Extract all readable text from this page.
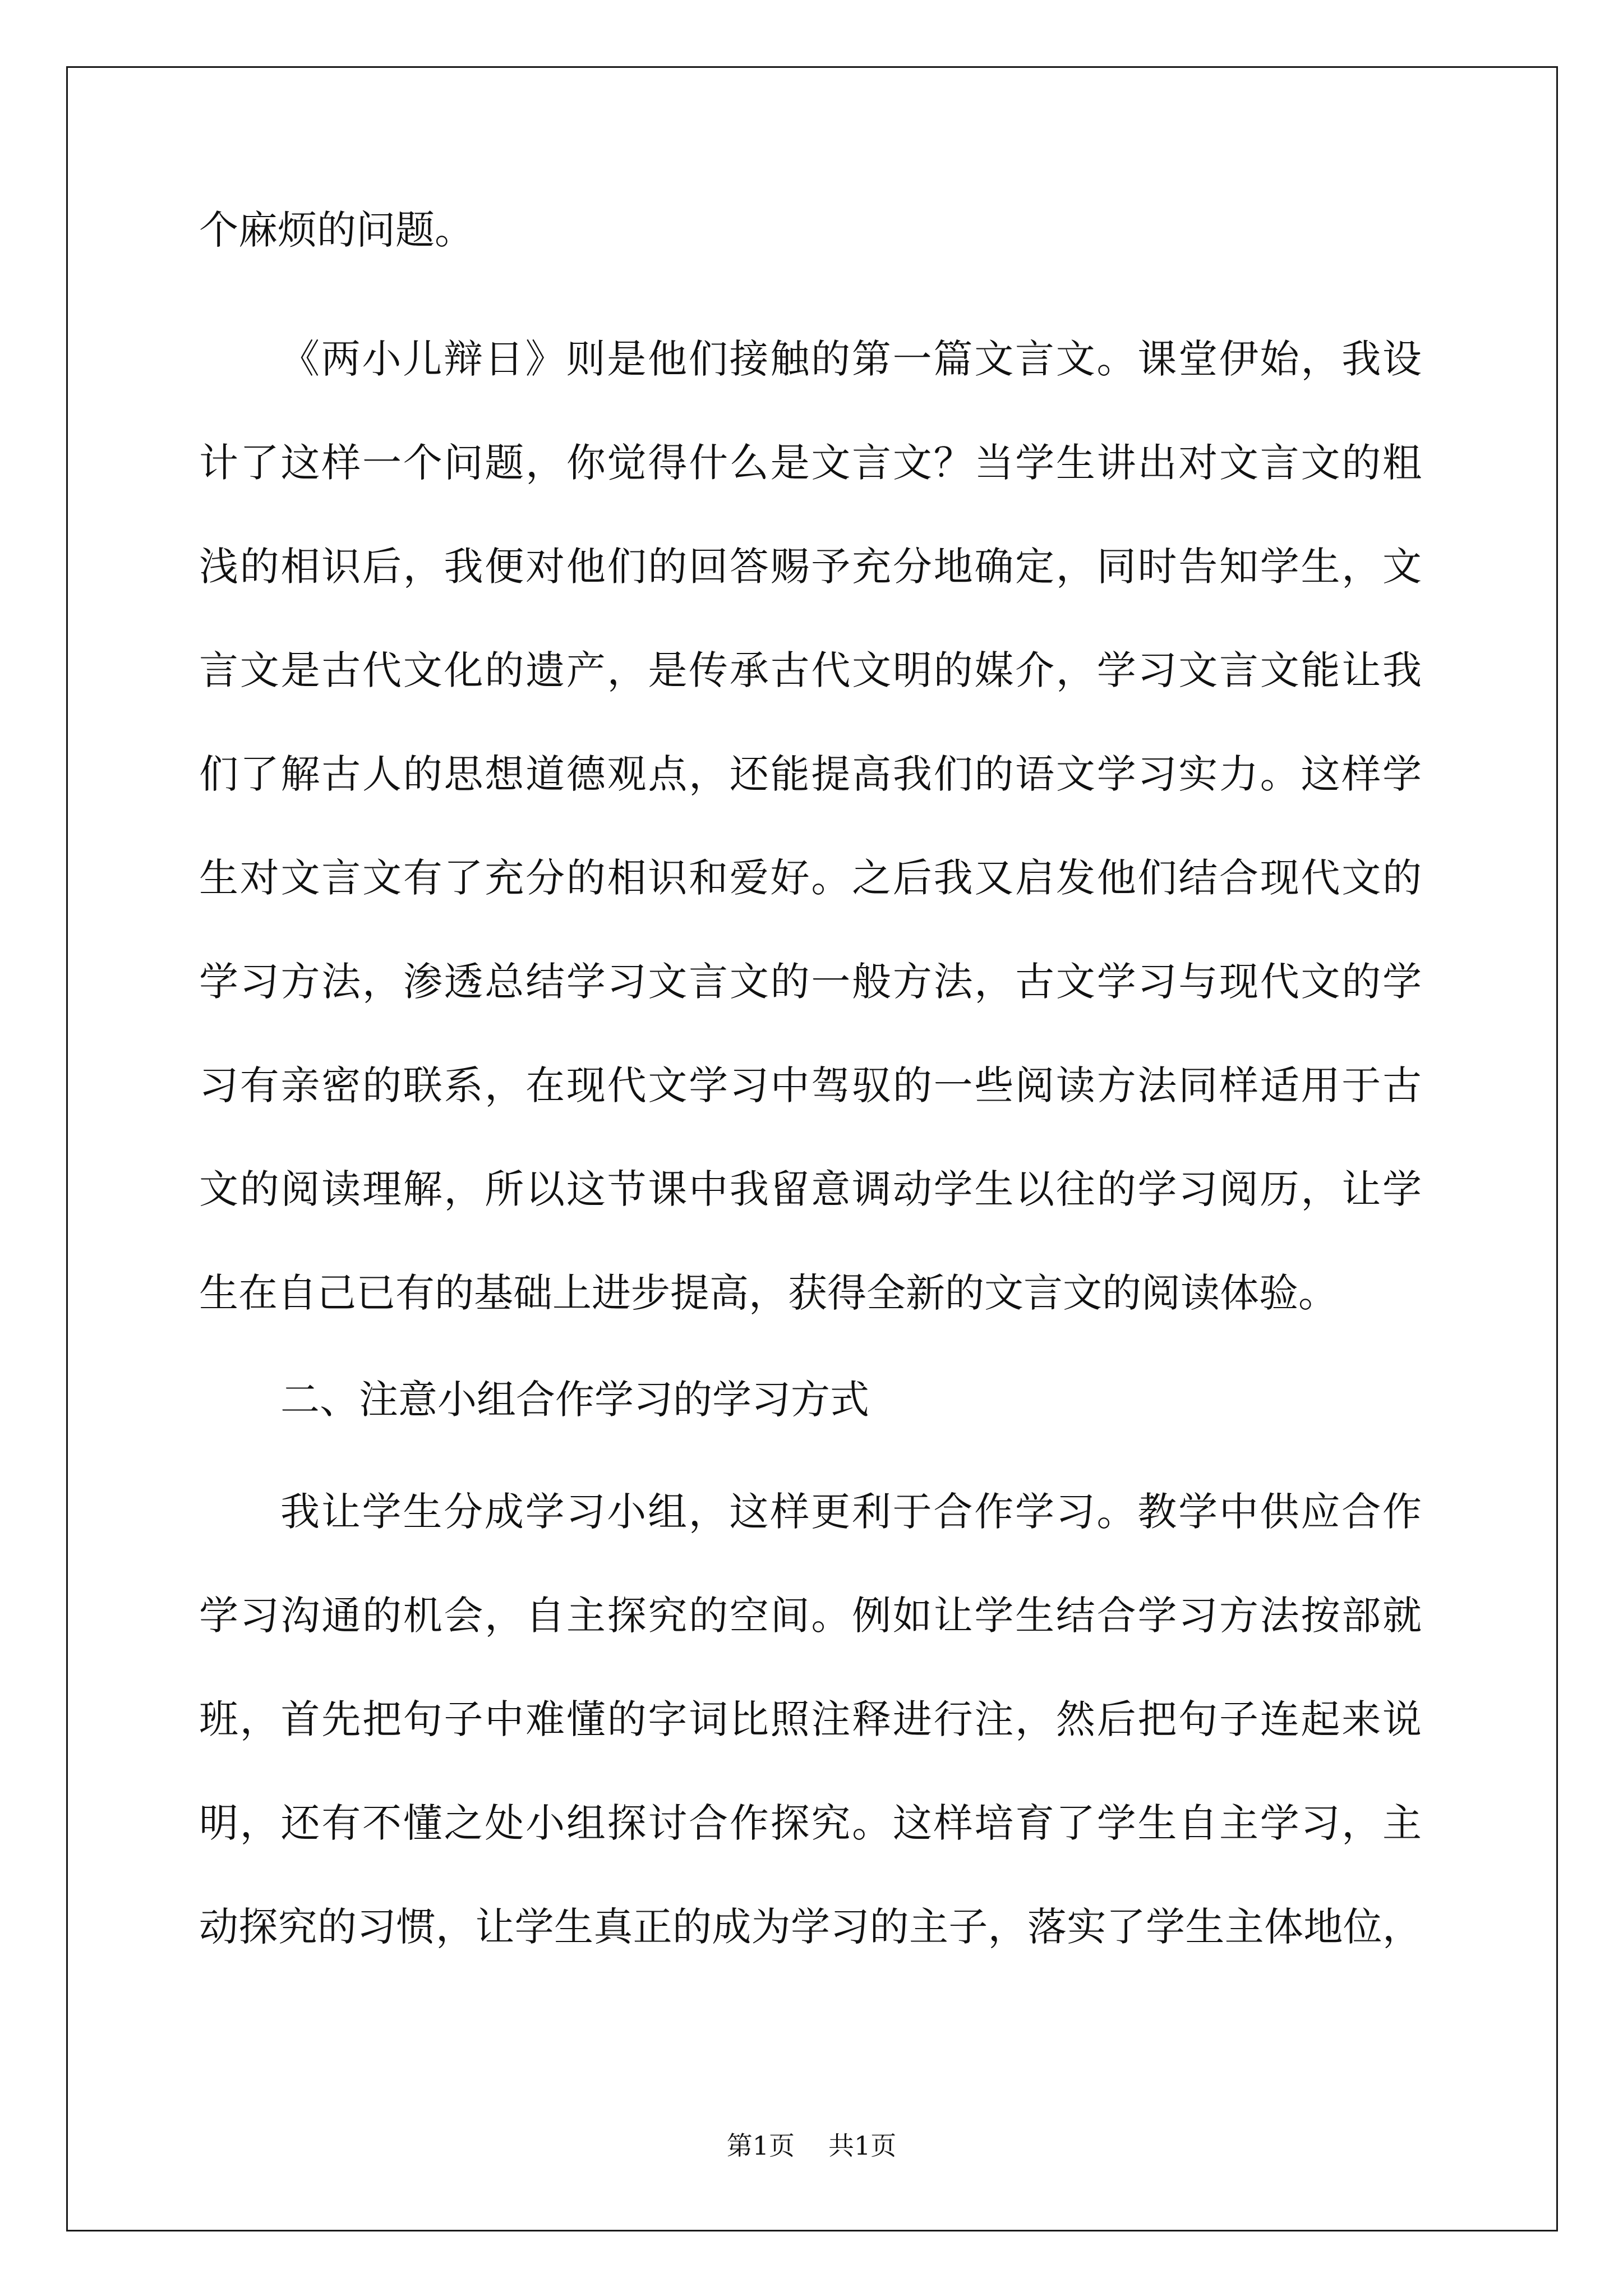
个麻烦的问题。
《两小儿辩日》则是他们接触的第一篇文言文。课堂伊始，我设
计了这样一个问题，你觉得什么是文言文？当学生讲出对文言文的粗
浅的相识后，我便对他们的回答赐予充分地确定，同时告知学生，文
言文是古代文化的遗产，是传承古代文明的媒介，学习文言文能让我
们了解古人的思想道德观点，还能提高我们的语文学习实力。这样学
生对文言文有了充分的相识和爱好。之后我又启发他们结合现代文的
学习方法，渗透总结学习文言文的一般方法，古文学习与现代文的学
习有亲密的联系，在现代文学习中驾驭的一些阅读方法同样适用于古
文的阅读理解，所以这节课中我留意调动学生以往的学习阅历，让学
生在自己已有的基础上进步提高，获得全新的文言文的阅读体验。
二、注意小组合作学习的学习方式
我让学生分成学习小组，这样更利于合作学习。教学中供应合作
学习沟通的机会，自主探究的空间。例如让学生结合学习方法按部就
班，首先把句子中难懂的字词比照注释进行注，然后把句子连起来说
明，还有不懂之处小组探讨合作探究。这样培育了学生自主学习，主
动探究的习惯，让学生真正的成为学习的主子，落实了学生主体地位，
第1页 共1页
